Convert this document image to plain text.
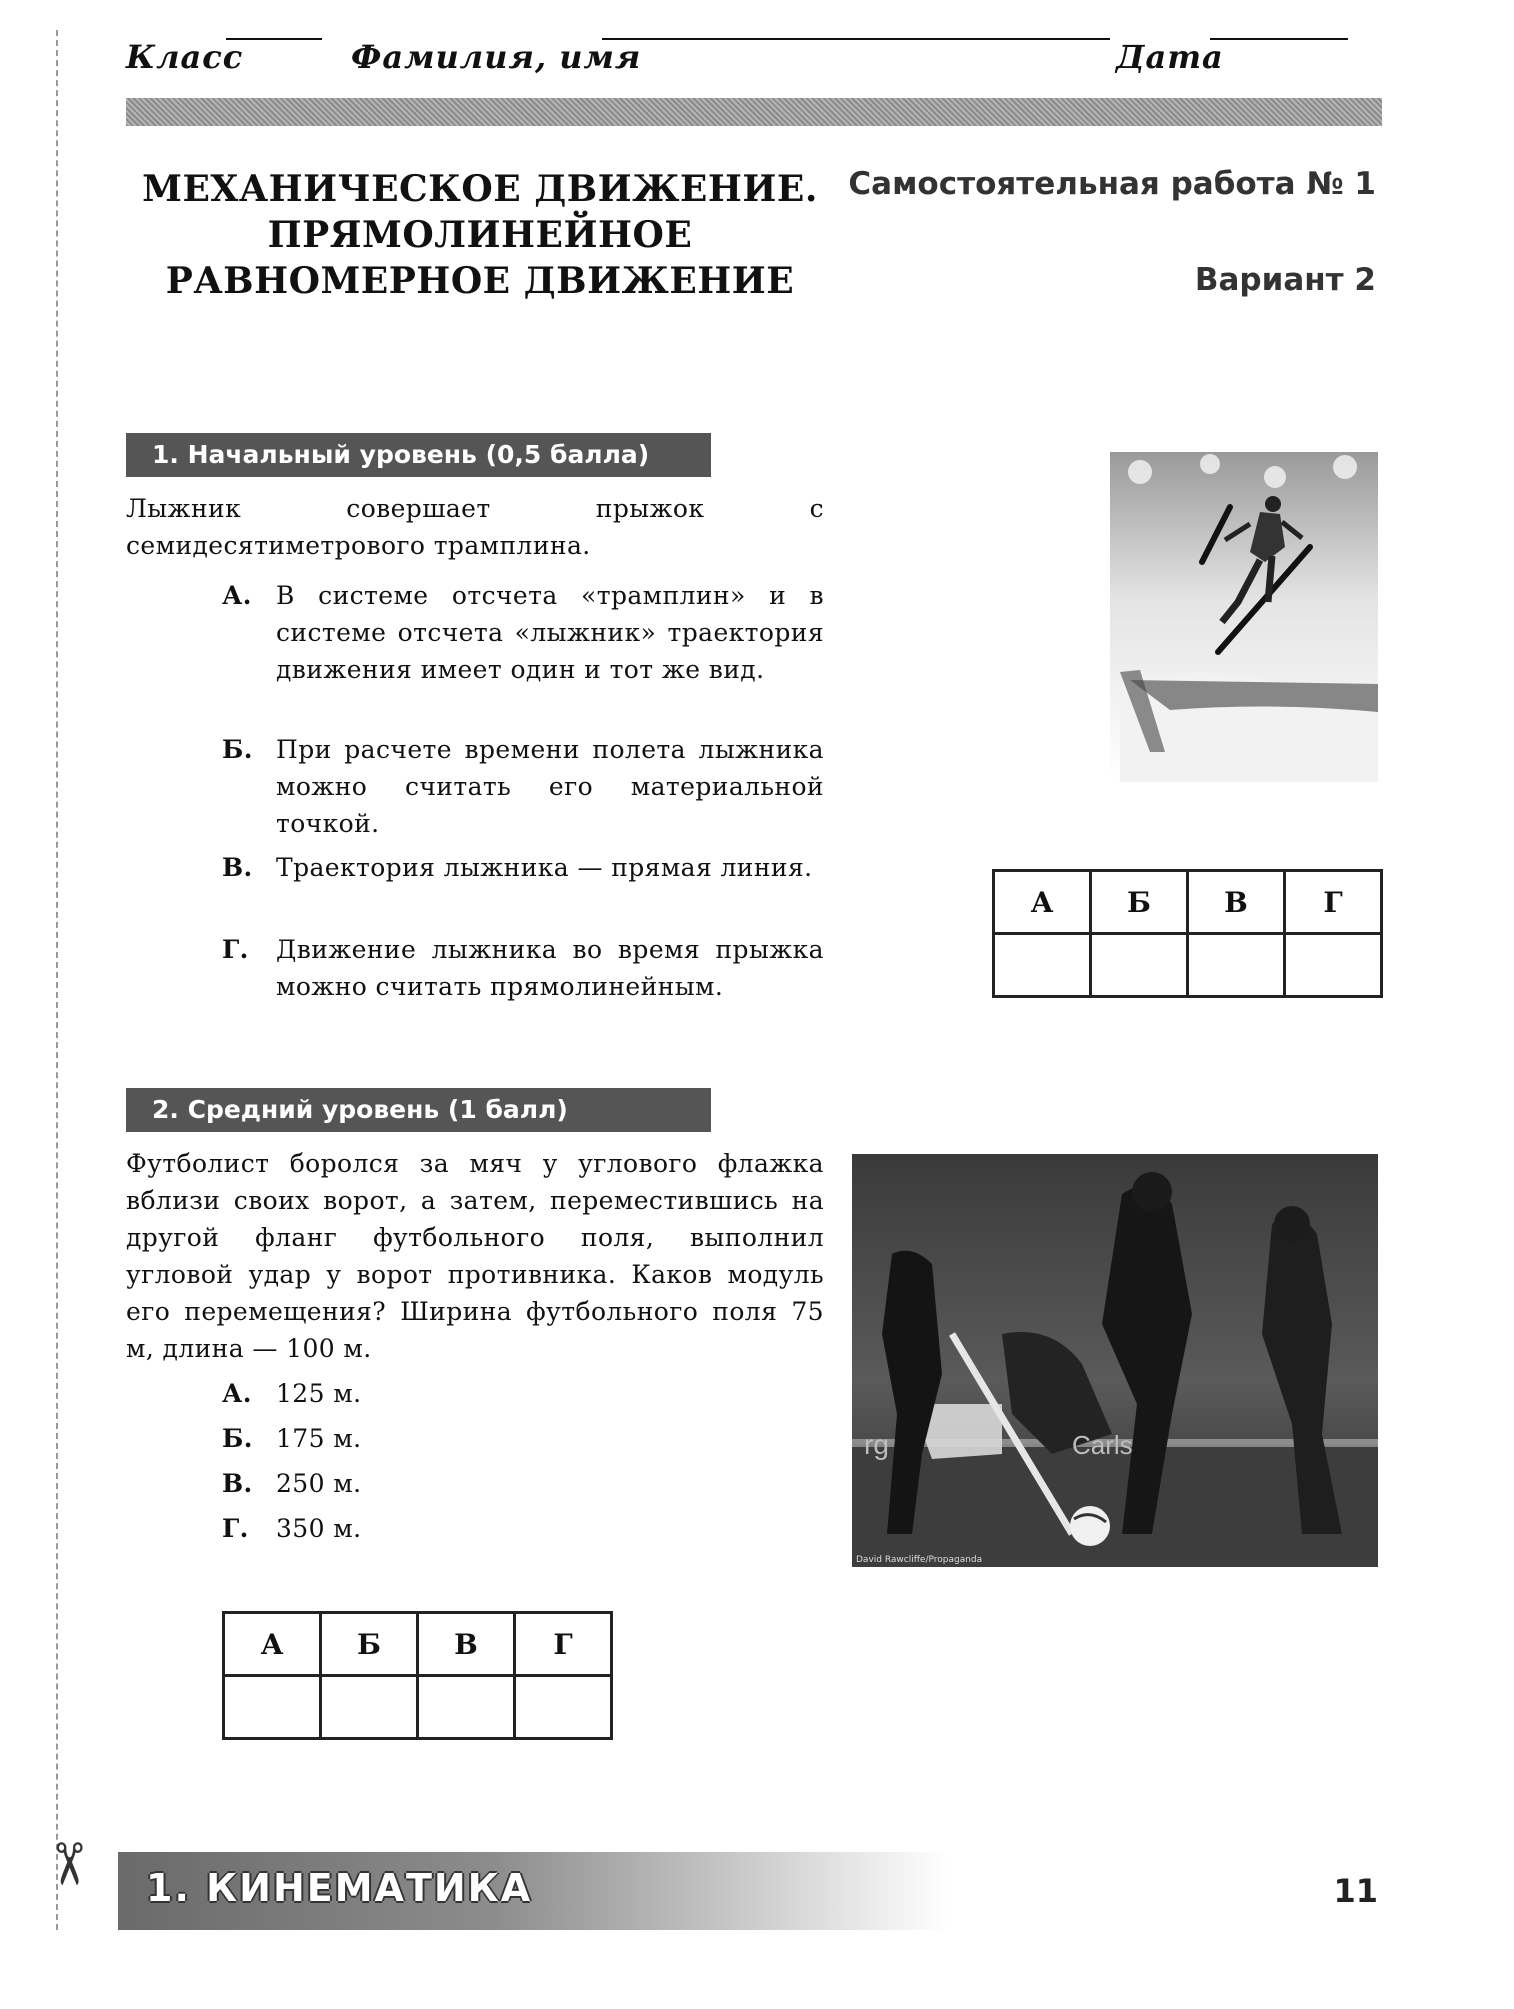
✂
Класс	Фамилия, имя	Дата
МЕХАНИЧЕСКОЕ ДВИЖЕНИЕ.
ПРЯМОЛИНЕЙНОЕ
РАВНОМЕРНОЕ ДВИЖЕНИЕ
Самостоятельная работа № 1
Вариант 2
1. Начальный уровень (0,5 балла)
Лыжник совершает прыжок с семидесятиметрового трамплина.
А. В системе отсчета «трамплин» и в системе отсчета «лыжник» траектория движения имеет один и тот же вид.
Б. При расчете времени полета лыжника можно считать его материальной точкой.
В. Траектория лыжника — прямая линия.
Г. Движение лыжника во время прыжка можно считать прямолинейным.
А	Б	В	Г

2. Средний уровень (1 балл)
Футболист боролся за мяч у углового флажка вблизи своих ворот, а затем, переместившись на другой фланг футбольного поля, выполнил угловой удар у ворот противника. Каков модуль его перемещения? Ширина футбольного поля 75 м, длина — 100 м.
А. 125 м.
Б. 175 м.
В. 250 м.
Г. 350 м.
rg	Carls
David Rawcliffe/Propaganda
А	Б	В	Г

1. КИНЕМАТИКА	11
